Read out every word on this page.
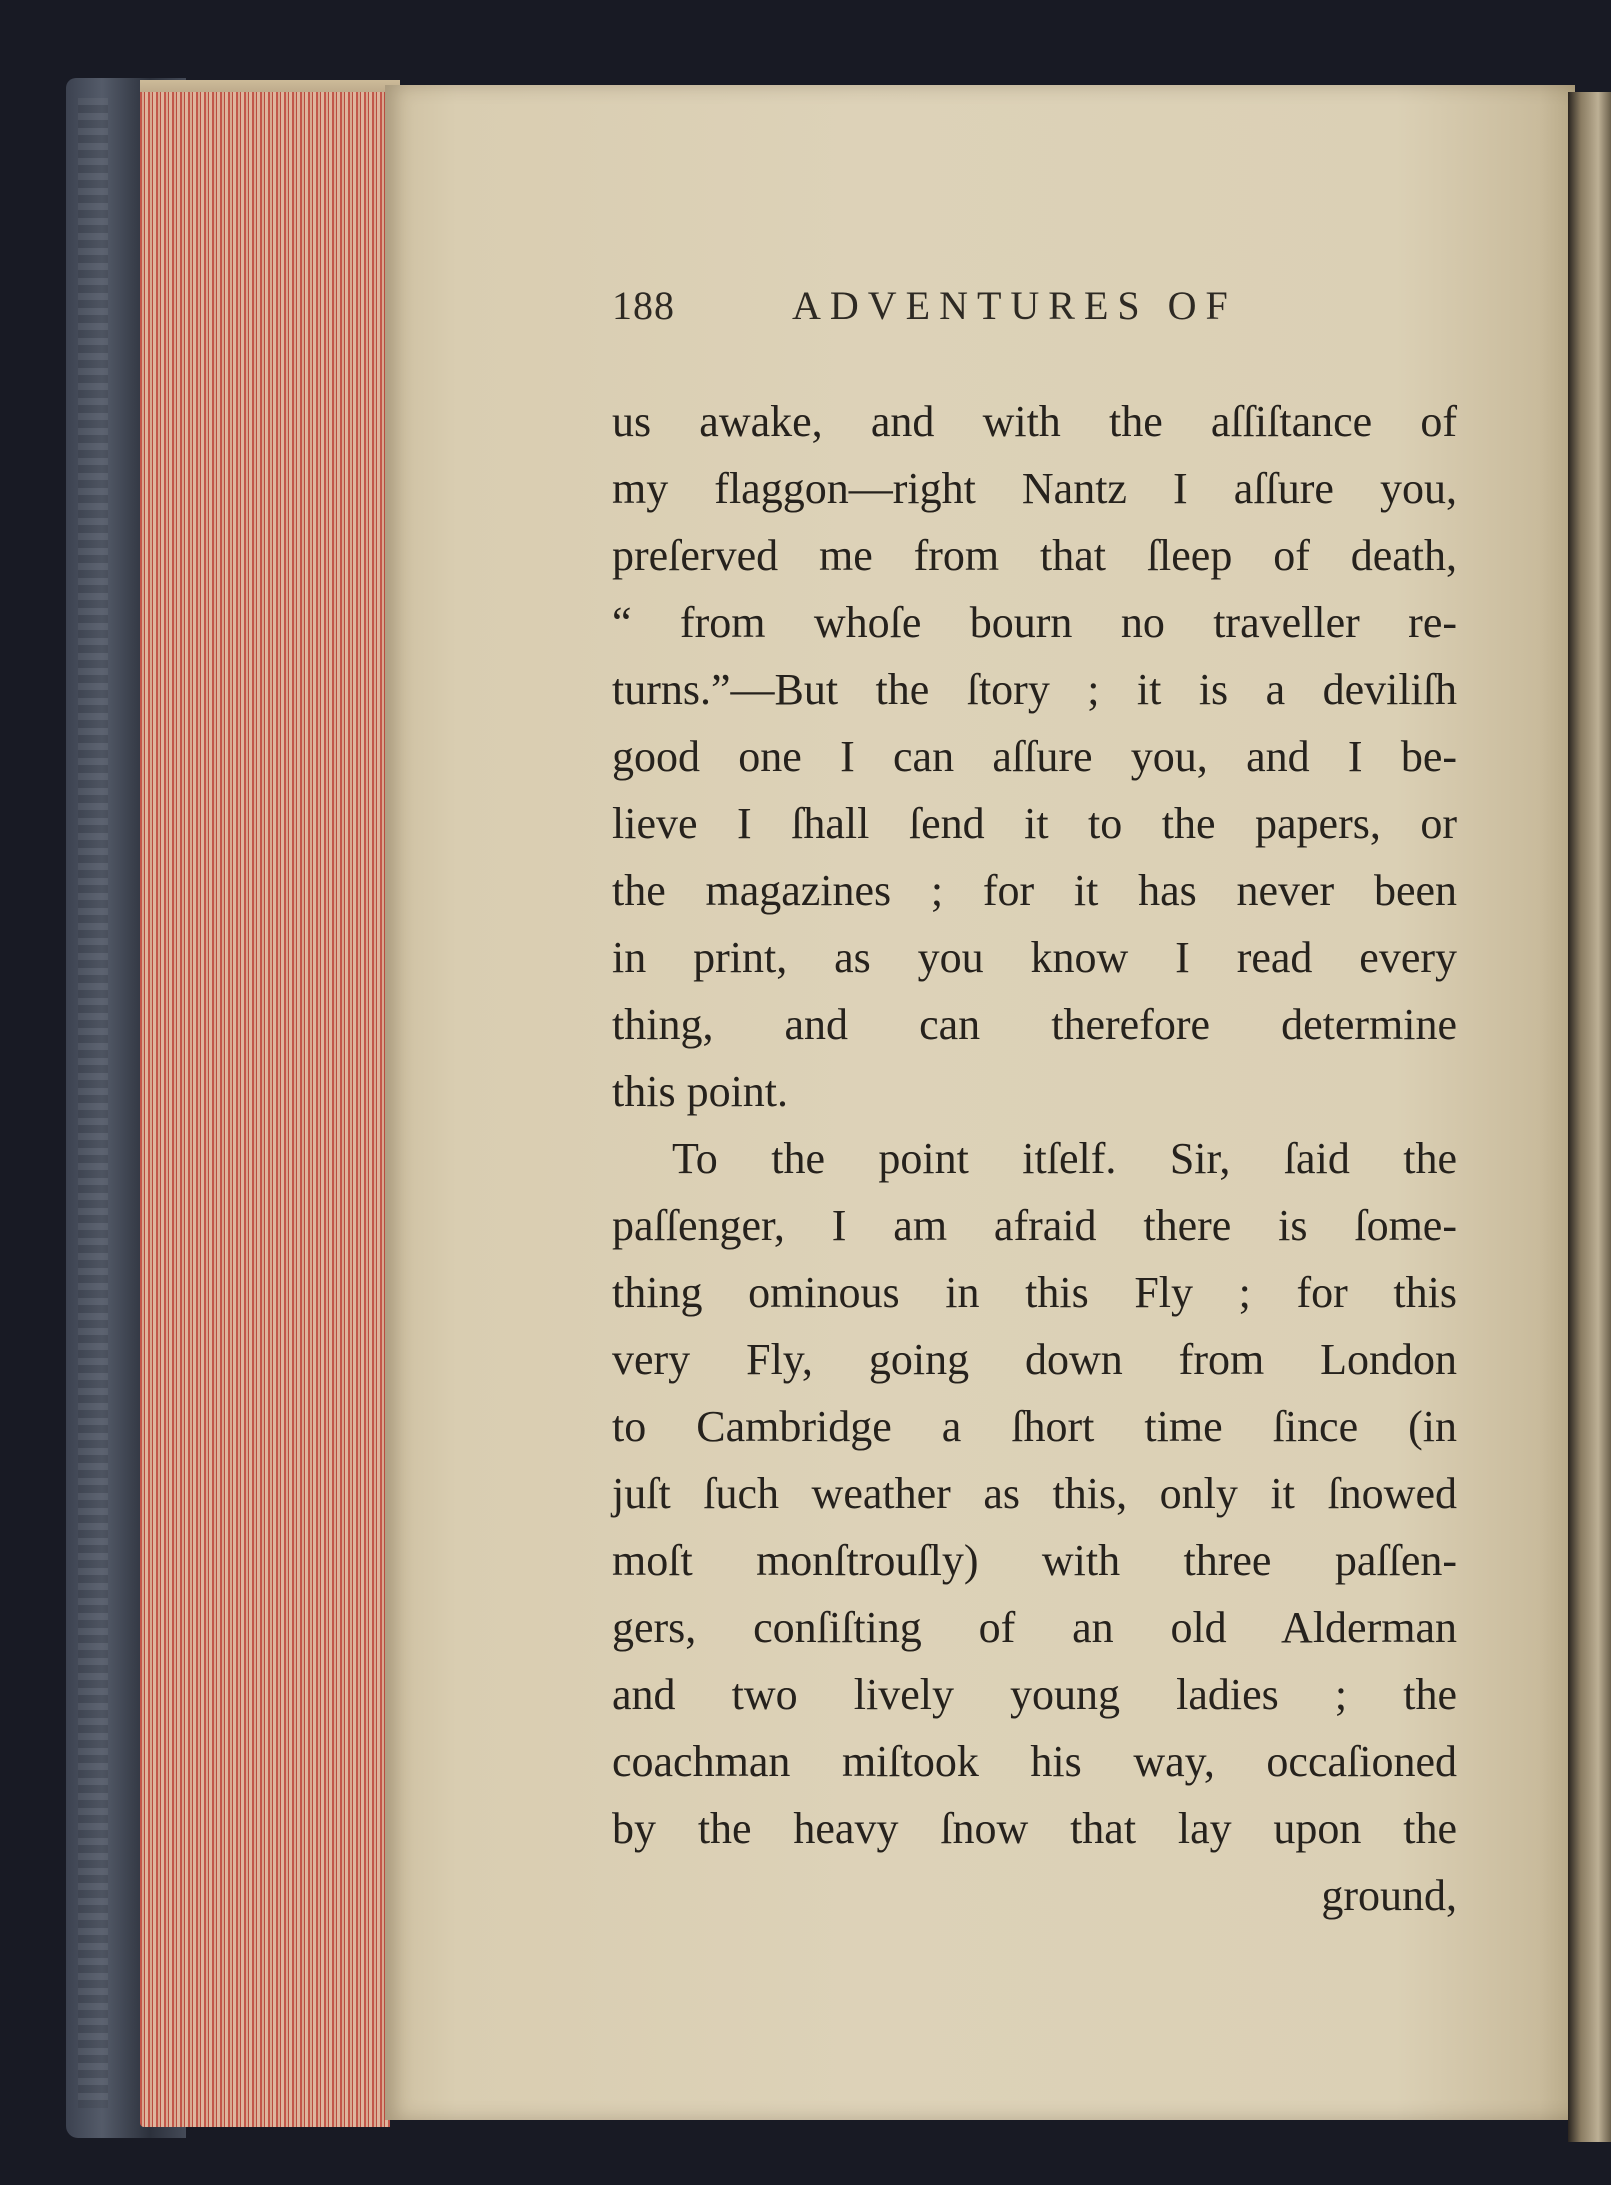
188	ADVENTURES OF
us awake, and with the aſſiſtance of
my flaggon—right Nantz I aſſure you,
preſerved me from that ſleep of death,
“ from whoſe bourn no traveller re-
turns.”—But the ſtory ; it is a deviliſh
good one I can aſſure you, and I be-
lieve I ſhall ſend it to the papers, or
the magazines ; for it has never been
in print, as you know I read every
thing, and can therefore determine
this point.
To the point itſelf. Sir, ſaid the
paſſenger, I am afraid there is ſome-
thing ominous in this Fly ; for this
very Fly, going down from London
to Cambridge a ſhort time ſince (in
juſt ſuch weather as this, only it ſnowed
moſt monſtrouſly) with three paſſen-
gers, conſiſting of an old Alderman
and two lively young ladies ; the
coachman miſtook his way, occaſioned
by the heavy ſnow that lay upon the
ground,
